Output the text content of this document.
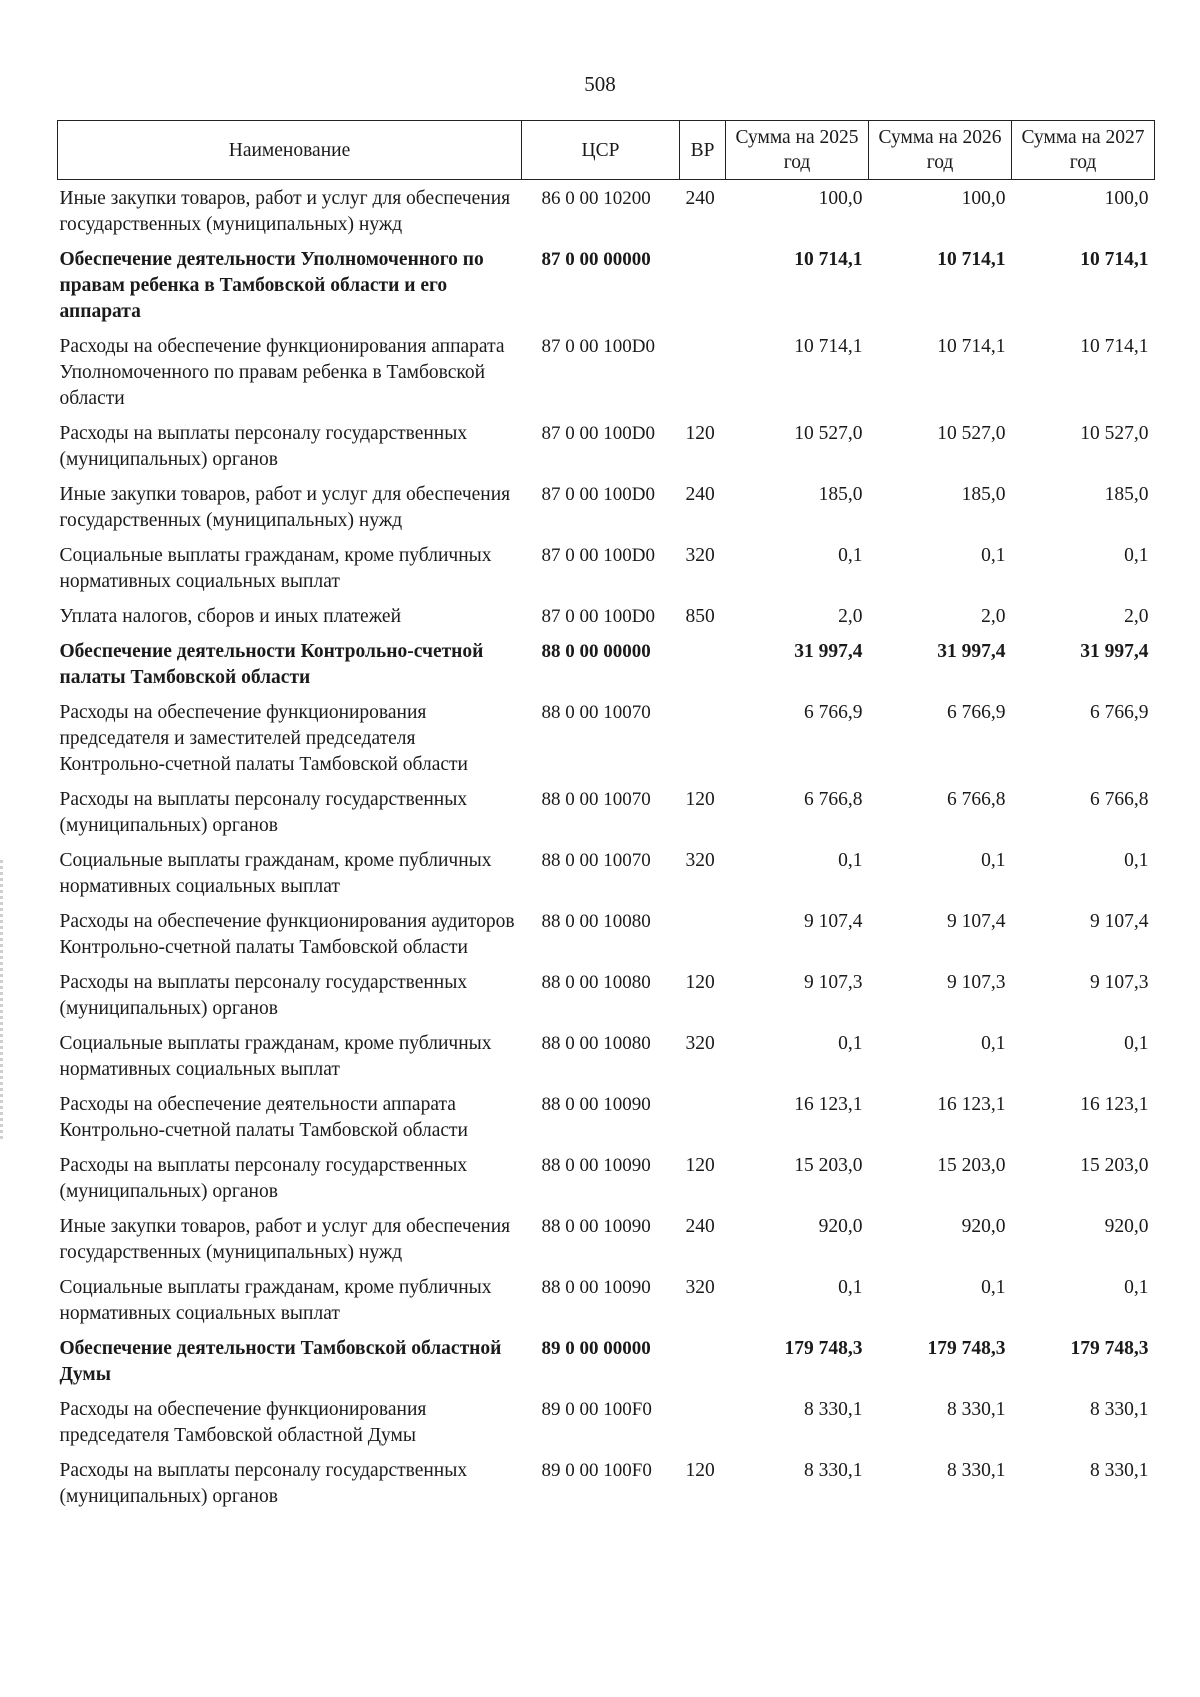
508
Наименование	ЦСР	ВР	Сумма на 2025 год	Сумма на 2026 год	Сумма на 2027 год
Иные закупки товаров, работ и услуг для обеспечения государственных (муниципальных) нужд	86 0 00 10200	240	100,0	100,0	100,0
Обеспечение деятельности Уполномоченного по правам ребенка в Тамбовской области и его аппарата	87 0 00 00000		10 714,1	10 714,1	10 714,1
Расходы на обеспечение функционирования аппарата Уполномоченного по правам ребенка в Тамбовской области	87 0 00 100D0		10 714,1	10 714,1	10 714,1
Расходы на выплаты персоналу государственных (муниципальных) органов	87 0 00 100D0	120	10 527,0	10 527,0	10 527,0
Иные закупки товаров, работ и услуг для обеспечения государственных (муниципальных) нужд	87 0 00 100D0	240	185,0	185,0	185,0
Социальные выплаты гражданам, кроме публичных нормативных социальных выплат	87 0 00 100D0	320	0,1	0,1	0,1
Уплата налогов, сборов и иных платежей	87 0 00 100D0	850	2,0	2,0	2,0
Обеспечение деятельности Контрольно-счетной палаты Тамбовской области	88 0 00 00000		31 997,4	31 997,4	31 997,4
Расходы на обеспечение функционирования председателя и заместителей председателя Контрольно-счетной палаты Тамбовской области	88 0 00 10070		6 766,9	6 766,9	6 766,9
Расходы на выплаты персоналу государственных (муниципальных) органов	88 0 00 10070	120	6 766,8	6 766,8	6 766,8
Социальные выплаты гражданам, кроме публичных нормативных социальных выплат	88 0 00 10070	320	0,1	0,1	0,1
Расходы на обеспечение функционирования аудиторов Контрольно-счетной палаты Тамбовской области	88 0 00 10080		9 107,4	9 107,4	9 107,4
Расходы на выплаты персоналу государственных (муниципальных) органов	88 0 00 10080	120	9 107,3	9 107,3	9 107,3
Социальные выплаты гражданам, кроме публичных нормативных социальных выплат	88 0 00 10080	320	0,1	0,1	0,1
Расходы на обеспечение деятельности аппарата Контрольно-счетной палаты Тамбовской области	88 0 00 10090		16 123,1	16 123,1	16 123,1
Расходы на выплаты персоналу государственных (муниципальных) органов	88 0 00 10090	120	15 203,0	15 203,0	15 203,0
Иные закупки товаров, работ и услуг для обеспечения государственных (муниципальных) нужд	88 0 00 10090	240	920,0	920,0	920,0
Социальные выплаты гражданам, кроме публичных нормативных социальных выплат	88 0 00 10090	320	0,1	0,1	0,1
Обеспечение деятельности Тамбовской областной Думы	89 0 00 00000		179 748,3	179 748,3	179 748,3
Расходы на обеспечение функционирования председателя Тамбовской областной Думы	89 0 00 100F0		8 330,1	8 330,1	8 330,1
Расходы на выплаты персоналу государственных (муниципальных) органов	89 0 00 100F0	120	8 330,1	8 330,1	8 330,1
